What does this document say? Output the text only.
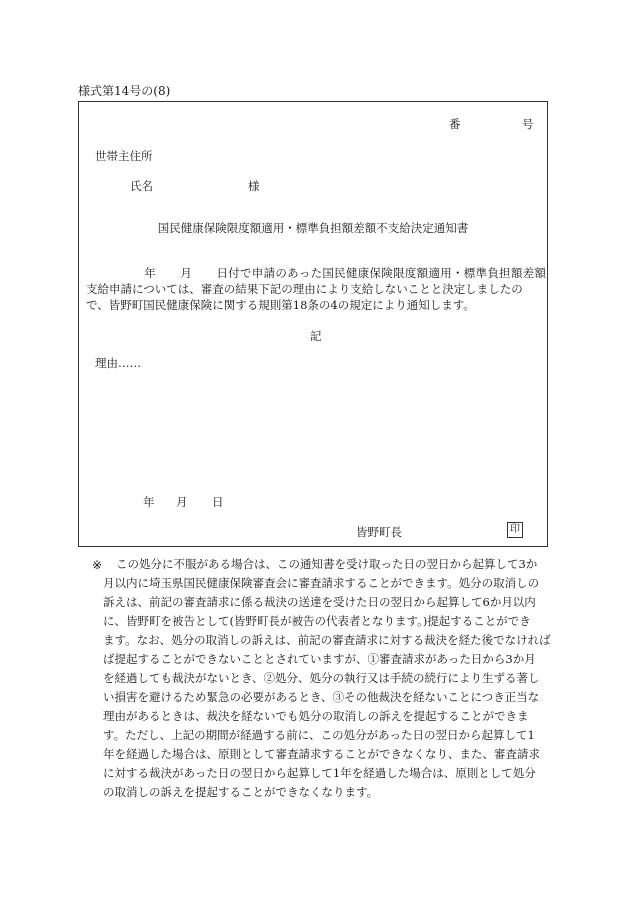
様式第14号の(8)
番	号
世帯主住所
氏名	様
国民健康保険限度額適用・標準負担額差額不支給決定通知書
年 月 日付で申請のあった国民健康保険限度額適用・標準負担額差額
支給申請については、審査の結果下記の理由により支給しないことと決定しましたの
で、皆野町国民健康保険に関する規則第18条の4の規定により通知します。
記
理由……
年 月 日
皆野町長	印
※ この処分に不服がある場合は、この通知書を受け取った日の翌日から起算して3か
月以内に埼玉県国民健康保険審査会に審査請求することができます。処分の取消しの
訴えは、前記の審査請求に係る裁決の送達を受けた日の翌日から起算して6か月以内
に、皆野町を被告として(皆野町長が被告の代表者となります。)提起することができ
ます。なお、処分の取消しの訴えは、前記の審査請求に対する裁決を経た後でなければ
ば提起することができないこととされていますが、①審査請求があった日から3か月
を経過しても裁決がないとき、②処分、処分の執行又は手続の続行により生ずる著し
い損害を避けるため緊急の必要があるとき、③その他裁決を経ないことにつき正当な
理由があるときは、裁決を経ないでも処分の取消しの訴えを提起することができま
す。ただし、上記の期間が経過する前に、この処分があった日の翌日から起算して1
年を経過した場合は、原則として審査請求することができなくなり、また、審査請求
に対する裁決があった日の翌日から起算して1年を経過した場合は、原則として処分
の取消しの訴えを提起することができなくなります。
